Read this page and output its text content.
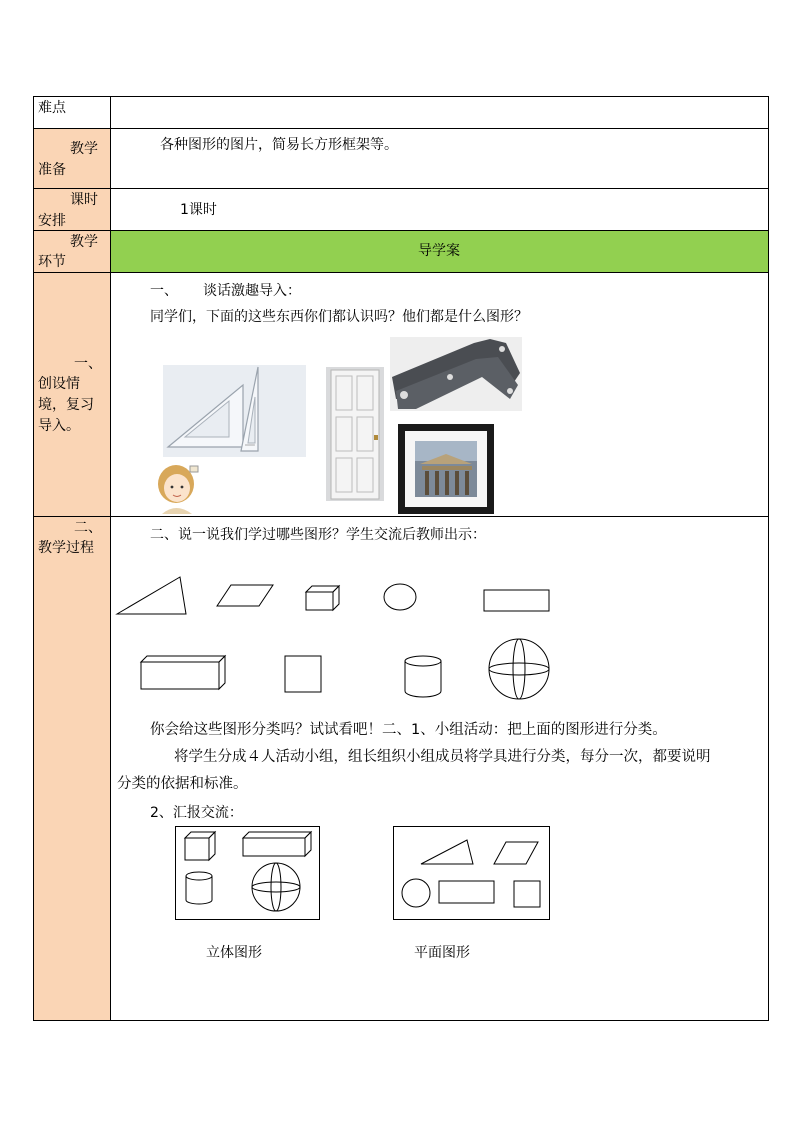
难点
教学
准备
各种图形的图片，简易长方形框架等。
课时
安排
1课时
教学
环节
导学案
一、
创设情
境，复习
导入。
二、
教学过程
一、 谈话激趣导入：
同学们，下面的这些东西你们都认识吗？他们都是什么图形？
二、说一说我们学过哪些图形？学生交流后教师出示：
你会给这些图形分类吗？试试看吧！二、1、小组活动：把上面的图形进行分类。
将学生分成４人活动小组，组长组织小组成员将学具进行分类，每分一次，都要说明
分类的依据和标准。
2、汇报交流：
立体图形	平面图形
